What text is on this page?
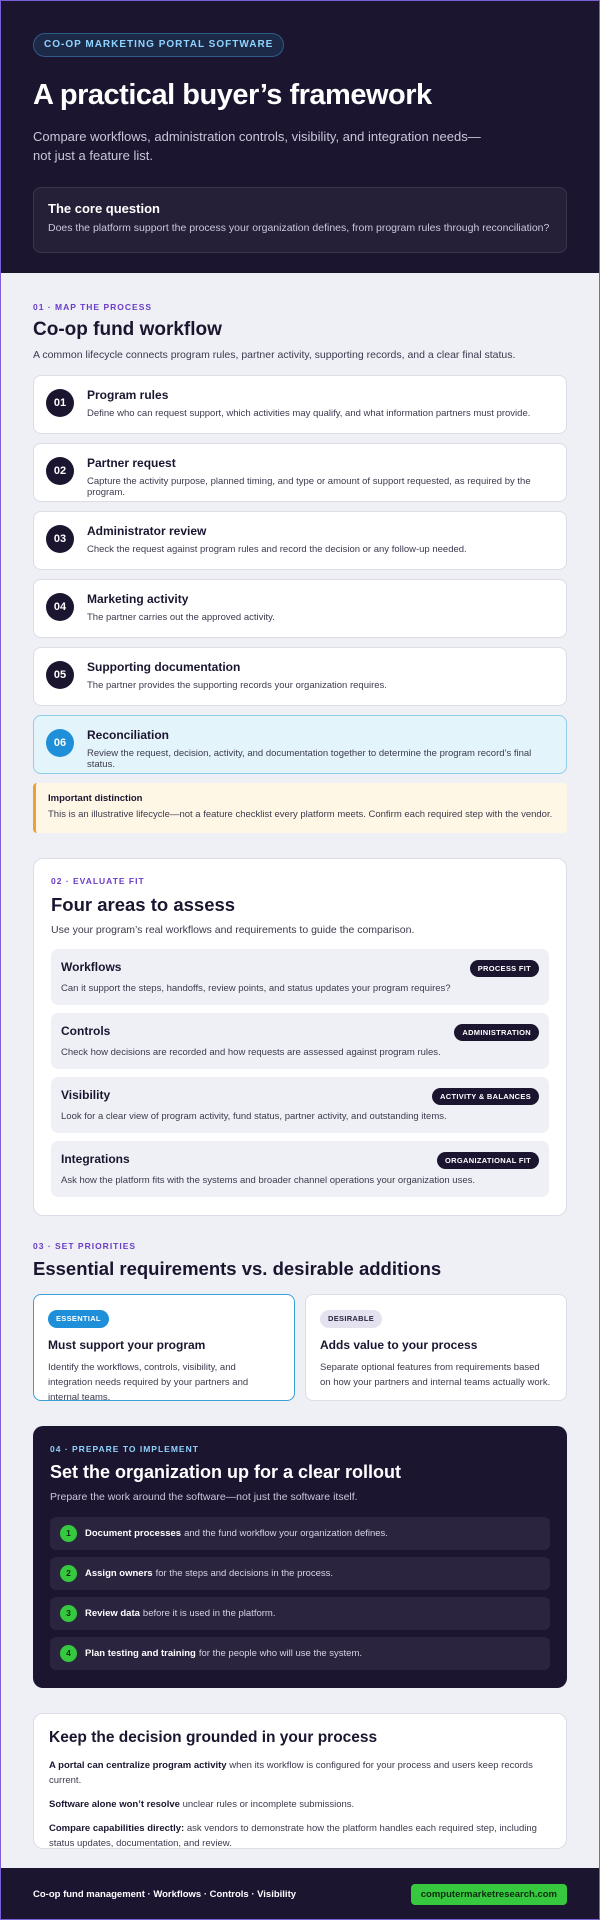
CO-OP MARKETING PORTAL SOFTWARE
A practical buyer’s framework

Compare workflows, administration controls, visibility, and integration needs—not just a feature list.

The core question
Does the platform support the process your organization defines, from program rules through reconciliation?
01 · MAP THE PROCESS
Co-op fund workflow

A common lifecycle connects program rules, partner activity, supporting records, and a clear final status.

01
Program rules
Define who can request support, which activities may qualify, and what information partners must provide.
02
Partner request
Capture the activity purpose, planned timing, and type or amount of support requested, as required by the program.
03
Administrator review
Check the request against program rules and record the decision or any follow-up needed.
04
Marketing activity
The partner carries out the approved activity.
05
Supporting documentation
The partner provides the supporting records your organization requires.
06
Reconciliation
Review the request, decision, activity, and documentation together to determine the program record’s final status.
Important distinction
This is an illustrative lifecycle—not a feature checklist every platform meets. Confirm each required step with the vendor.
02 · EVALUATE FIT
Four areas to assess

Use your program’s real workflows and requirements to guide the comparison.

Workflows	PROCESS FIT
Can it support the steps, handoffs, review points, and status updates your program requires?
Controls	ADMINISTRATION
Check how decisions are recorded and how requests are assessed against program rules.
Visibility	ACTIVITY & BALANCES
Look for a clear view of program activity, fund status, partner activity, and outstanding items.
Integrations	ORGANIZATIONAL FIT
Ask how the platform fits with the systems and broader channel operations your organization uses.
03 · SET PRIORITIES
Essential requirements vs. desirable additions
ESSENTIAL
Must support your program
Identify the workflows, controls, visibility, and integration needs required by your partners and internal teams.
DESIRABLE
Adds value to your process
Separate optional features from requirements based on how your partners and internal teams actually work.
04 · PREPARE TO IMPLEMENT
Set the organization up for a clear rollout

Prepare the work around the software—not just the software itself.

1	Document processes and the fund workflow your organization defines.
2	Assign owners for the steps and decisions in the process.
3	Review data before it is used in the platform.
4	Plan testing and training for the people who will use the system.
Keep the decision grounded in your process

A portal can centralize program activity when its workflow is configured for your process and users keep records current.

Software alone won’t resolve unclear rules or incomplete submissions.

Compare capabilities directly: ask vendors to demonstrate how the platform handles each required step, including status updates, documentation, and review.

Co-op fund management · Workflows · Controls · Visibility	computermarketresearch.com
